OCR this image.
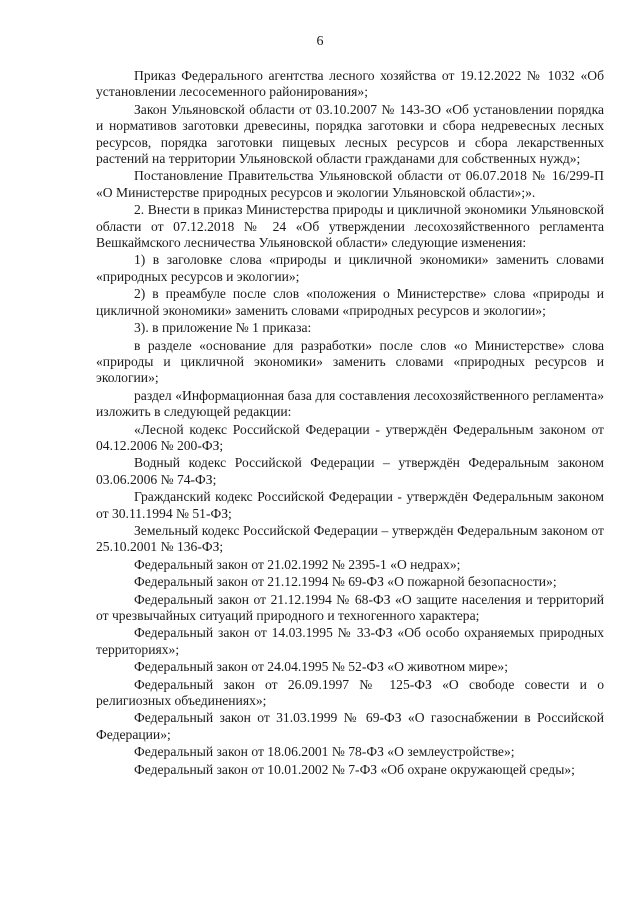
6

Приказ Федерального агентства лесного хозяйства от 19.12.2022 № 1032 «Об установлении лесосеменного районирования»;

Закон Ульяновской области от 03.10.2007 № 143-ЗО «Об установлении порядка и нормативов заготовки древесины, порядка заготовки и сбора недревесных лесных ресурсов, порядка заготовки пищевых лесных ресурсов и сбора лекарственных растений на территории Ульяновской области гражданами для собственных нужд»;

Постановление Правительства Ульяновской области от 06.07.2018 № 16/299-П «О Министерстве природных ресурсов и экологии Ульяновской области»;».

2. Внести в приказ Министерства природы и цикличной экономики Ульяновской области от 07.12.2018 № 24 «Об утверждении лесохозяйственного регламента Вешкаймского лесничества Ульяновской области» следующие изменения:

1) в заголовке слова «природы и цикличной экономики» заменить словами «природных ресурсов и экологии»;

2) в преамбуле после слов «положения о Министерстве» слова «природы и цикличной экономики» заменить словами «природных ресурсов и экологии»;

3). в приложение № 1 приказа:

в разделе «основание для разработки» после слов «о Министерстве» слова «природы и цикличной экономики» заменить словами «природных ресурсов и экологии»;

раздел «Информационная база для составления лесохозяйственного регламента» изложить в следующей редакции:

«Лесной кодекс Российской Федерации - утверждён Федеральным законом от 04.12.2006 № 200-ФЗ;

Водный кодекс Российской Федерации – утверждён Федеральным законом 03.06.2006 № 74-ФЗ;

Гражданский кодекс Российской Федерации - утверждён Федеральным законом от 30.11.1994 № 51-ФЗ;

Земельный кодекс Российской Федерации – утверждён Федеральным законом от 25.10.2001 № 136-ФЗ;

Федеральный закон от 21.02.1992 № 2395-1 «О недрах»;

Федеральный закон от 21.12.1994 № 69-ФЗ «О пожарной безопасности»;

Федеральный закон от 21.12.1994 № 68-ФЗ «О защите населения и территорий от чрезвычайных ситуаций природного и техногенного характера;

Федеральный закон от 14.03.1995 № 33-ФЗ «Об особо охраняемых природных территориях»;

Федеральный закон от 24.04.1995 № 52-ФЗ «О животном мире»;

Федеральный закон от 26.09.1997 № 125-ФЗ «О свободе совести и о религиозных объединениях»;

Федеральный закон от 31.03.1999 № 69-ФЗ «О газоснабжении в Российской Федерации»;

Федеральный закон от 18.06.2001 № 78-ФЗ «О землеустройстве»;

Федеральный закон от 10.01.2002 № 7-ФЗ «Об охране окружающей среды»;
